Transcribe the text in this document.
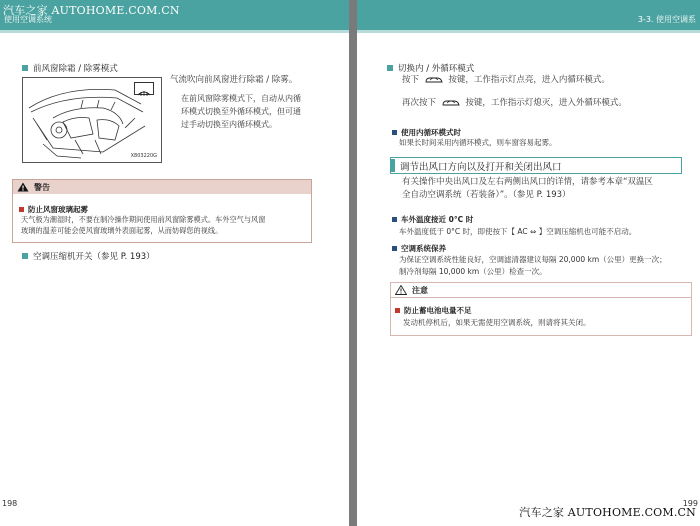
使用空调系统
前风窗除霜 / 除雾模式
X803220G
气流吹向前风窗进行除霜 / 除雾。
在前风窗除雾模式下，自动从内循
环模式切换至外循环模式，但可通
过手动切换至内循环模式。
警告
防止风窗玻璃起雾
天气极为潮湿时，不要在制冷操作期间使用前风窗除雾模式。车外空气与风窗
玻璃的温差可能会使风窗玻璃外表面起雾，从而妨碍您的视线。
空调压缩机开关（参见 P. 193）
198
3-3. 使用空调系
切换内 / 外循环模式
按下	按键，工作指示灯点亮，进入内循环模式。
再次按下	按键，工作指示灯熄灭，进入外循环模式。
使用内循环模式时
如果长时间采用内循环模式，则车窗容易起雾。
调节出风口方向以及打开和关闭出风口
有关操作中央出风口及左右两侧出风口的详情，请参考本章“双温区
全自动空调系统（若装备）”。（参见 P. 193）
车外温度接近 0°C 时
车外温度低于 0°C 时，即使按下【 AC ⇔ 】空调压缩机也可能不启动。
空调系统保养
为保证空调系统性能良好，空调滤清器建议每隔 20,000 km（公里）更换一次；
制冷剂每隔 10,000 km（公里）检查一次。
注意
防止蓄电池电量不足
发动机停机后，如果无需使用空调系统，则请将其关闭。
199
汽车之家 AUTOHOME.COM.CN
汽车之家 AUTOHOME.COM.CN
